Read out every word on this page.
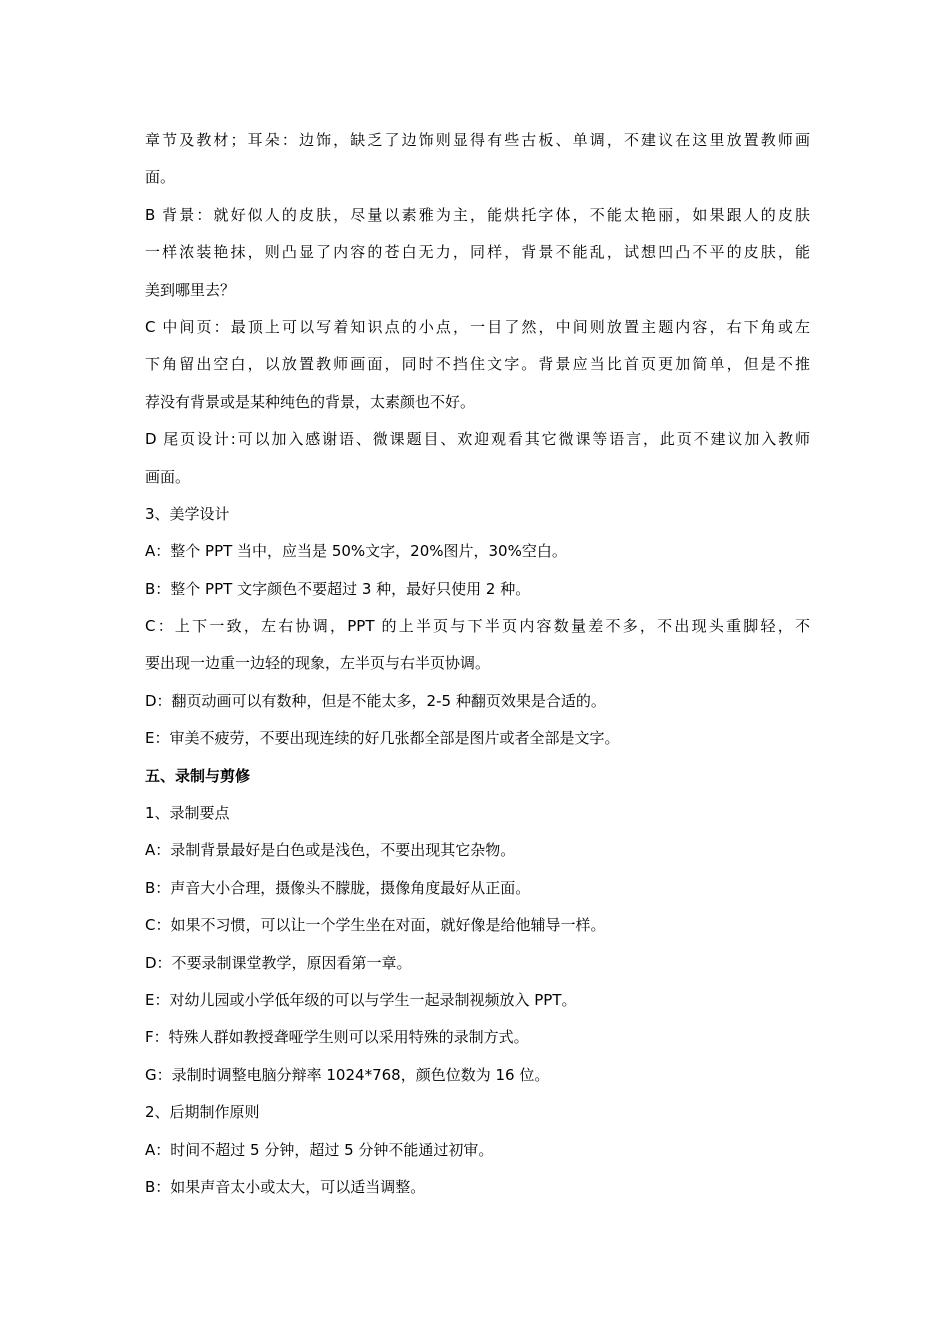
章节及教材；耳朵：边饰，缺乏了边饰则显得有些古板、单调，不建议在这里放置教师画
面。
B 背景：就好似人的皮肤，尽量以素雅为主，能烘托字体，不能太艳丽，如果跟人的皮肤
一样浓装艳抹，则凸显了内容的苍白无力，同样，背景不能乱，试想凹凸不平的皮肤，能
美到哪里去？
C 中间页：最顶上可以写着知识点的小点，一目了然，中间则放置主题内容，右下角或左
下角留出空白，以放置教师画面，同时不挡住文字。背景应当比首页更加简单，但是不推
荐没有背景或是某种纯色的背景，太素颜也不好。
D 尾页设计:可以加入感谢语、微课题目、欢迎观看其它微课等语言，此页不建议加入教师
画面。
3、美学设计
A：整个 PPT 当中，应当是 50%文字，20%图片，30%空白。
B：整个 PPT 文字颜色不要超过 3 种，最好只使用 2 种。
C：上下一致，左右协调，PPT 的上半页与下半页内容数量差不多，不出现头重脚轻，不
要出现一边重一边轻的现象，左半页与右半页协调。
D：翻页动画可以有数种，但是不能太多，2-5 种翻页效果是合适的。
E：审美不疲劳，不要出现连续的好几张都全部是图片或者全部是文字。
五、录制与剪修
1、录制要点
A：录制背景最好是白色或是浅色，不要出现其它杂物。
B：声音大小合理，摄像头不朦胧，摄像角度最好从正面。
C：如果不习惯，可以让一个学生坐在对面，就好像是给他辅导一样。
D：不要录制课堂教学，原因看第一章。
E：对幼儿园或小学低年级的可以与学生一起录制视频放入 PPT。
F：特殊人群如教授聋哑学生则可以采用特殊的录制方式。
G：录制时调整电脑分辩率 1024*768，颜色位数为 16 位。
2、后期制作原则
A：时间不超过 5 分钟，超过 5 分钟不能通过初审。
B：如果声音太小或太大，可以适当调整。
